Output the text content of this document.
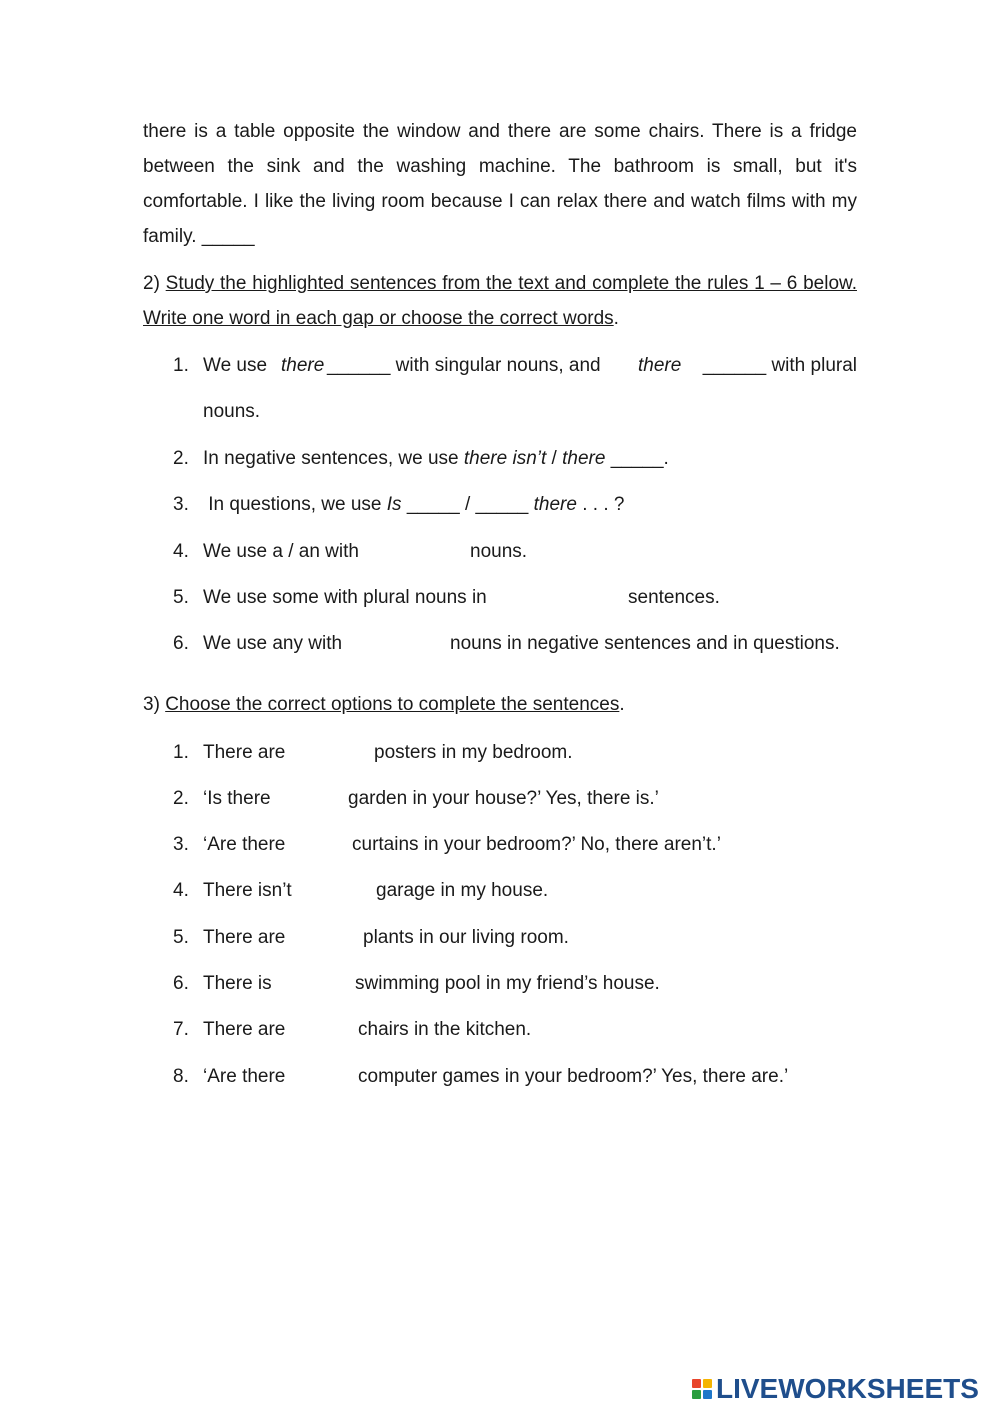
there is a table opposite the window and there are some chairs. There is a fridge between the sink and the washing machine. The bathroom is small, but it's comfortable. I like the living room because I can relax there and watch films with my family. _____
2) Study the highlighted sentences from the text and complete the rules 1 – 6 below. Write one word in each gap or choose the correct words.
1. We use there ______ with singular nouns, and there ______ with plural
nouns.
2. In negative sentences, we use there isn’t / there _____.
3. In questions, we use Is _____ / _____ there . . . ?
4. We use a / an with	nouns.
5. We use some with plural nouns in	sentences.
6. We use any with	nouns in negative sentences and in questions.
3) Choose the correct options to complete the sentences.
1. There are	posters in my bedroom.
2. ‘Is there	garden in your house?’ Yes, there is.’
3. ‘Are there	curtains in your bedroom?’ No, there aren’t.’
4. There isn’t	garage in my house.
5. There are	plants in our living room.
6. There is	swimming pool in my friend’s house.
7. There are	chairs in the kitchen.
8. ‘Are there	computer games in your bedroom?’ Yes, there are.’
LIVEWORKSHEETS
